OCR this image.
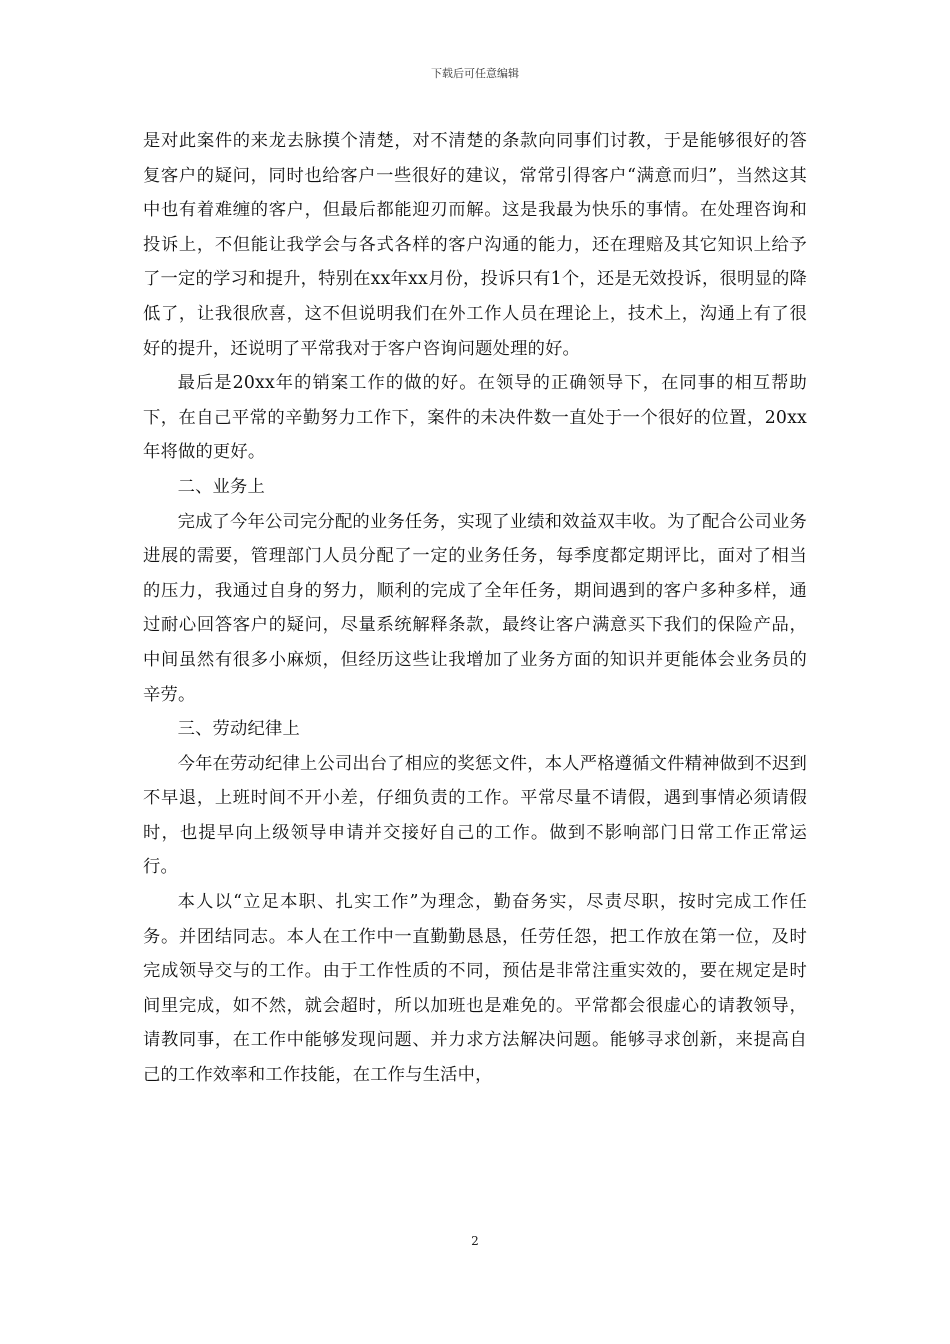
下载后可任意编辑

是对此案件的来龙去脉摸个清楚，对不清楚的条款向同事们讨教，于是能够很好的答复客户的疑问，同时也给客户一些很好的建议，常常引得客户“满意而归”，当然这其中也有着难缠的客户，但最后都能迎刃而解。这是我最为快乐的事情。在处理咨询和投诉上，不但能让我学会与各式各样的客户沟通的能力，还在理赔及其它知识上给予了一定的学习和提升，特别在xx年xx月份，投诉只有1个，还是无效投诉，很明显的降低了，让我很欣喜，这不但说明我们在外工作人员在理论上，技术上，沟通上有了很好的提升，还说明了平常我对于客户咨询问题处理的好。

最后是20xx年的销案工作的做的好。在领导的正确领导下，在同事的相互帮助下，在自己平常的辛勤努力工作下，案件的未决件数一直处于一个很好的位置，20xx年将做的更好。

二、业务上

完成了今年公司完分配的业务任务，实现了业绩和效益双丰收。为了配合公司业务进展的需要，管理部门人员分配了一定的业务任务，每季度都定期评比，面对了相当的压力，我通过自身的努力，顺利的完成了全年任务，期间遇到的客户多种多样，通过耐心回答客户的疑问，尽量系统解释条款，最终让客户满意买下我们的保险产品，中间虽然有很多小麻烦，但经历这些让我增加了业务方面的知识并更能体会业务员的辛劳。

三、劳动纪律上

今年在劳动纪律上公司出台了相应的奖惩文件，本人严格遵循文件精神做到不迟到不早退，上班时间不开小差，仔细负责的工作。平常尽量不请假，遇到事情必须请假时，也提早向上级领导申请并交接好自己的工作。做到不影响部门日常工作正常运行。

本人以“立足本职、扎实工作”为理念，勤奋务实，尽责尽职，按时完成工作任务。并团结同志。本人在工作中一直勤勤恳恳，任劳任怨，把工作放在第一位，及时完成领导交与的工作。由于工作性质的不同，预估是非常注重实效的，要在规定是时间里完成，如不然，就会超时，所以加班也是难免的。平常都会很虚心的请教领导，请教同事，在工作中能够发现问题、并力求方法解决问题。能够寻求创新，来提高自己的工作效率和工作技能，在工作与生活中，

2
